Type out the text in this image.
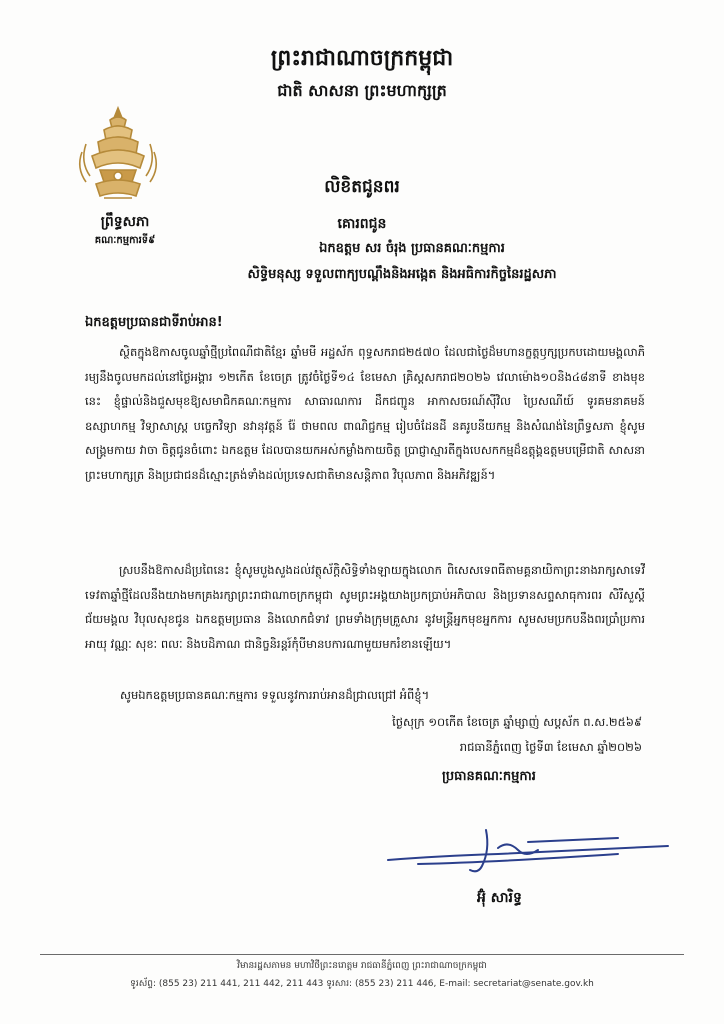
ព្រះរាជាណាចក្រកម្ពុជា
ជាតិ សាសនា ព្រះមហាក្សត្រ
ព្រឹទ្ធសភា
គណៈកម្មការទី៩
លិខិតជូនពរ
គោរពជូន
ឯកឧត្តម សរ ចំរុង ប្រធានគណៈកម្មការ
សិទ្ធិមនុស្ស ទទួលពាក្យបណ្តឹងនិងអង្កេត និងអធិការកិច្ចនៃរដ្ឋសភា
ឯកឧត្តមប្រធានជាទីរាប់អាន!
ស្ថិតក្នុងឱកាសចូលឆ្នាំថ្មីប្រពៃណីជាតិខ្មែរ ឆ្នាំមមី អដ្ឋស័ក ពុទ្ធសករាជ២៥៧០ ដែលជាថ្ងៃដ៏មហានក្ខត្តឫក្សប្រកបដោយមង្គលាភិរម្យនឹងចូលមកដល់នៅថ្ងៃអង្គារ ១២កើត ខែចេត្រ ត្រូវចំថ្ងៃទី១៤ ខែមេសា គ្រិស្តសករាជ២០២៦ វេលាម៉ោង១០និង៤៨នាទី ខាងមុខនេះ ខ្ញុំផ្ទាល់និងជួសមុខឱ្យសមាជិកគណៈកម្មការ សាធារណការ ដឹកជញ្ជូន អាកាសចរណ៍ស៊ីវិល ប្រៃសណីយ៍ ទូរគមនាគមន៍ ឧស្សាហកម្ម វិទ្យាសាស្ត្រ បច្ចេកវិទ្យា នវានុវត្តន៍ រ៉ែ ថាមពល ពាណិជ្ជកម្ម រៀបចំដែនដី នគរូបនីយកម្ម និងសំណង់នៃព្រឹទ្ធសភា ខ្ញុំសូមសង្គ្រមកាយ វាចា ចិត្តជូនចំពោះ ឯកឧត្តម ដែលបានយកអស់កម្លាំងកាយចិត្ត ប្រាជ្ញាស្មារតីក្នុងបេសកកម្មដ៏ឧត្តុង្គឧត្តមបម្រើជាតិ សាសនា ព្រះមហាក្សត្រ និងប្រជាជនដ៏ស្មោះត្រង់ទាំងដល់ប្រទេសជាតិមានសន្តិភាព វិបុលភាព និងអភិវឌ្ឍន៍។
ស្របនឹងឱកាសដ៏ប្រពៃនេះ ខ្ញុំសូមបួងសួងដល់វត្ថុស័ក្តិសិទ្ធិទាំងឡាយក្នុងលោក ពិសេសទេពធីតាមគ្គនាយិកាព្រះនាងរាក្សសាទេវី ទេវតាឆ្នាំថ្មីដែលនឹងយាងមកគ្រងរក្សាព្រះរាជាណាចក្រកម្ពុជា សូមព្រះអង្គយាងប្រកប្រាប់អភិបាល និងប្រទានសព្ទសាធុការពរ សិរីសួស្តី ជ័យមង្គល វិបុលសុខជូន ឯកឧត្តមប្រធាន និងលោកជំទាវ ព្រមទាំងក្រុមគ្រួសារ នូវមន្ត្រីអ្នកមុខអ្នកការ សូមសមប្រកបនឹងពរប្រាំប្រការ អាយុ វណ្ណៈ សុខៈ ពលៈ និងបដិភាណ ជានិច្ចនិរន្តរ៍កុំបីមានបការណាមួយមករំខានឡើយ។
សូមឯកឧត្តមប្រធានគណៈកម្មការ ទទួលនូវការរាប់អានដ៏ជ្រាលជ្រៅ អំពីខ្ញុំ។
ថ្ងៃសុក្រ ១០កើត ខែចេត្រ ឆ្នាំម្សាញ់ សប្តស័ក ព.ស.២៥៦៩
រាជធានីភ្នំពេញ ថ្ងៃទី៣ ខែមេសា ឆ្នាំ២០២៦
ប្រធានគណៈកម្មការ
អ៊ុំ សារិទ្ធ
វិមានរដ្ឋសភាមន មហាវិថីព្រះនរោត្តម រាជធានីភ្នំពេញ ព្រះរាជាណាចក្រកម្ពុជា
ទូរស័ព្ទ: (855 23) 211 441, 211 442, 211 443 ទូរសារ: (855 23) 211 446, E-mail: secretariat@senate.gov.kh
